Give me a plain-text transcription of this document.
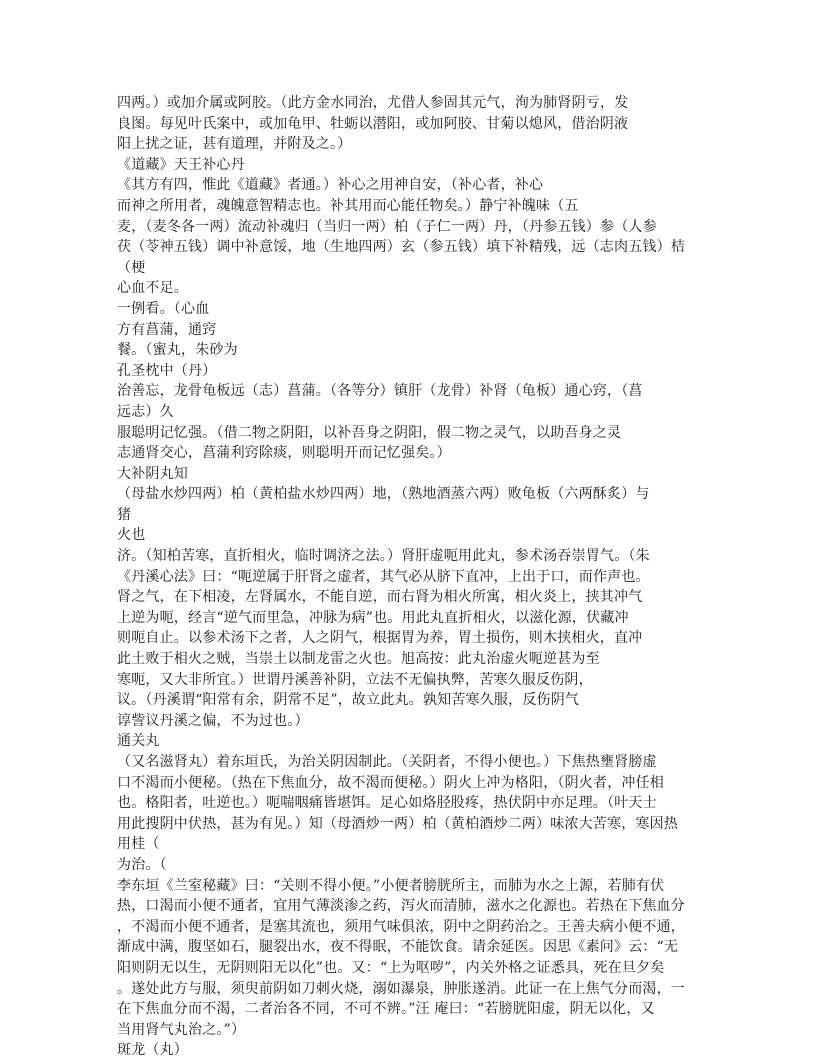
四两。）或加介属或阿胶。（此方金水同治，尤借人参固其元气，洵为肺肾阴亏，发
良图。每见叶氏案中，或加龟甲、牡蛎以潜阳，或加阿胶、甘菊以熄风，借治阴液
阳上扰之证，甚有道理，并附及之。）
《道藏》天王补心丹
《其方有四，惟此《道藏》者通。）补心之用神自安，（补心者，补心
而神之所用者，魂魄意智精志也。补其用而心能任物矣。）静宁补魄味（五
麦，（麦冬各一两）流动补魂归（当归一两）柏（子仁一两）丹，（丹参五钱）参（人参
茯（苓神五钱）调中补意馁，地（生地四两）玄（参五钱）填下补精残，远（志肉五钱）桔
（梗
心血不足。
一例看。（心血
方有菖蒲，通窍
餐。（蜜丸，朱砂为
孔圣枕中（丹）
治善忘，龙骨龟板远（志）菖蒲。（各等分）镇肝（龙骨）补肾（龟板）通心窍，（菖
远志）久
服聪明记忆强。（借二物之阴阳，以补吾身之阴阳，假二物之灵气，以助吾身之灵
志通肾交心，菖蒲利窍除痰，则聪明开而记忆强矣。）
大补阴丸知
（母盐水炒四两）柏（黄柏盐水炒四两）地，（熟地酒蒸六两）败龟板（六两酥炙）与
猪
火也
济。（知柏苦寒，直折相火，临时调济之法。）肾肝虚呃用此丸，参术汤吞崇胃气。（朱
《丹溪心法》曰：“呃逆属于肝肾之虚者，其气必从脐下直冲，上出于口，而作声也。
肾之气，在下相凌，左肾属水，不能自逆，而右肾为相火所寓，相火炎上，挟其冲气
上逆为呃，经言“逆气而里急，冲脉为病”也。用此丸直折相火，以滋化源，伏藏冲
则呃自止。以参术汤下之者，人之阴气，根据胃为养，胃土损伤，则木挟相火，直冲
此土败于相火之贼，当崇土以制龙雷之火也。旭高按：此丸治虚火呃逆甚为至
寒呃，又大非所宜。）世谓丹溪善补阴，立法不无偏执弊，苦寒久服反伤阴，
议。（丹溪谓“阳常有余，阴常不足”，故立此丸。孰知苦寒久服，反伤阴气
谆訾议丹溪之偏，不为过也。）
通关丸
（又名滋肾丸）着东垣氏，为治关阴因制此。（关阴者，不得小便也。）下焦热壅肾膀虚
口不渴而小便秘。（热在下焦血分，故不渴而便秘。）阴火上冲为格阳，（阴火者，冲任相
也。格阳者，吐逆也。）呃喘咽痛皆堪饵。足心如烙胫股疼，热伏阴中亦足理。（叶天士
用此搜阴中伏热，甚为有见。）知（母酒炒一两）柏（黄柏酒炒二两）味浓大苦寒，寒因热
用桂（
为治。（
李东垣《兰室秘藏》曰：“关则不得小便。”小便者膀胱所主，而肺为水之上源，若肺有伏
热，口渴而小便不通者，宜用气薄淡渗之药，泻火而清肺，滋水之化源也。若热在下焦血分
，不渴而小便不通者，是塞其流也，须用气味俱浓，阴中之阴药治之。王善夫病小便不通，
渐成中满，腹坚如石，腿裂出水，夜不得眠，不能饮食。请余延医。因思《素问》云：“无
阳则阴无以生，无阴则阳无以化”也。又：“上为呕哕”，内关外格之证悉具，死在旦夕矣
。遂处此方与服，须臾前阴如刀刺火烧，溺如瀑泉，肿胀遂消。此证一在上焦气分而渴，一
在下焦血分而不渴，二者治各不同，不可不辨。”汪 庵曰：“若膀胱阳虚，阴无以化，又
当用肾气丸治之。”）
斑龙（丸）
